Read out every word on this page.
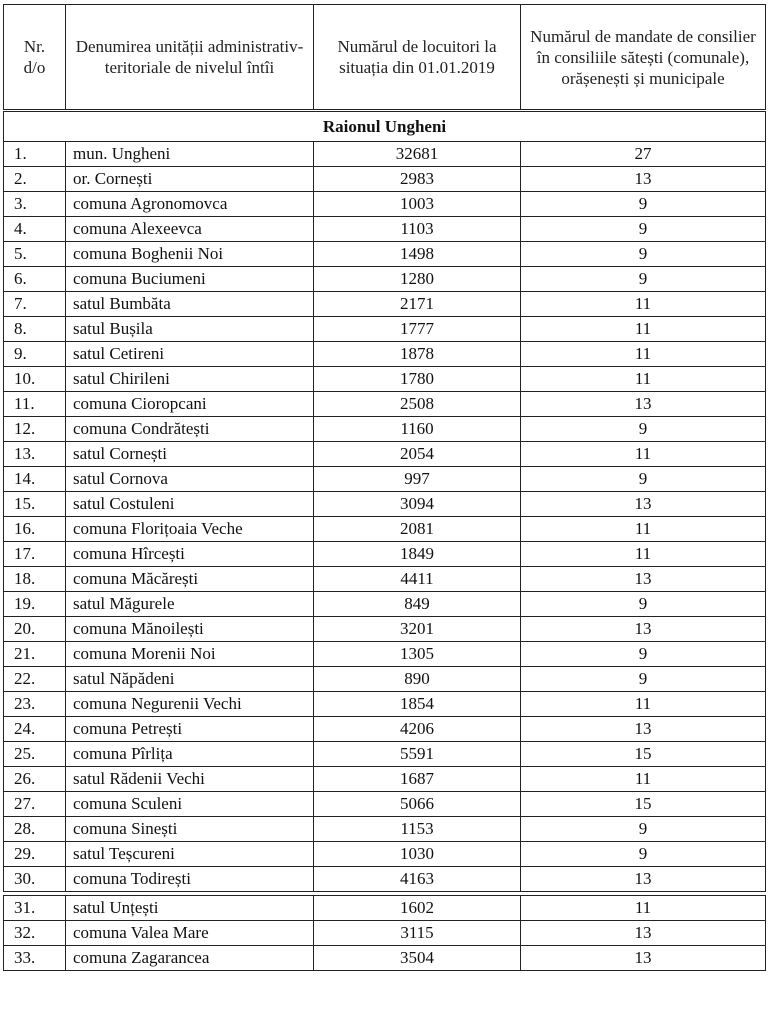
Nr.
d/o	Denumirea unității administrativ-teritoriale de nivelul întîi	Numărul de locuitori la situația din 01.01.2019	Numărul de mandate de consilier în consiliile sătești (comunale), orășenești și municipale

Raionul Ungheni			
1.	mun. Ungheni	32681	27
2.	or. Cornești	2983	13
3.	comuna Agronomovca	1003	9
4.	comuna Alexeevca	1103	9
5.	comuna Boghenii Noi	1498	9
6.	comuna Buciumeni	1280	9
7.	satul Bumbăta	2171	11
8.	satul Bușila	1777	11
9.	satul Cetireni	1878	11
10.	satul Chirileni	1780	11
11.	comuna Cioropcani	2508	13
12.	comuna Condrătești	1160	9
13.	satul Cornești	2054	11
14.	satul Cornova	997	9
15.	satul Costuleni	3094	13
16.	comuna Florițoaia Veche	2081	11
17.	comuna Hîrcești	1849	11
18.	comuna Măcărești	4411	13
19.	satul Măgurele	849	9
20.	comuna Mănoilești	3201	13
21.	comuna Morenii Noi	1305	9
22.	satul Năpădeni	890	9
23.	comuna Negurenii Vechi	1854	11
24.	comuna Petrești	4206	13
25.	comuna Pîrlița	5591	15
26.	satul Rădenii Vechi	1687	11
27.	comuna Sculeni	5066	15
28.	comuna Sinești	1153	9
29.	satul Teșcureni	1030	9
30.	comuna Todirești	4163	13

31.	satul Unțești	1602	11
32.	comuna Valea Mare	3115	13
33.	comuna Zagarancea	3504	13
